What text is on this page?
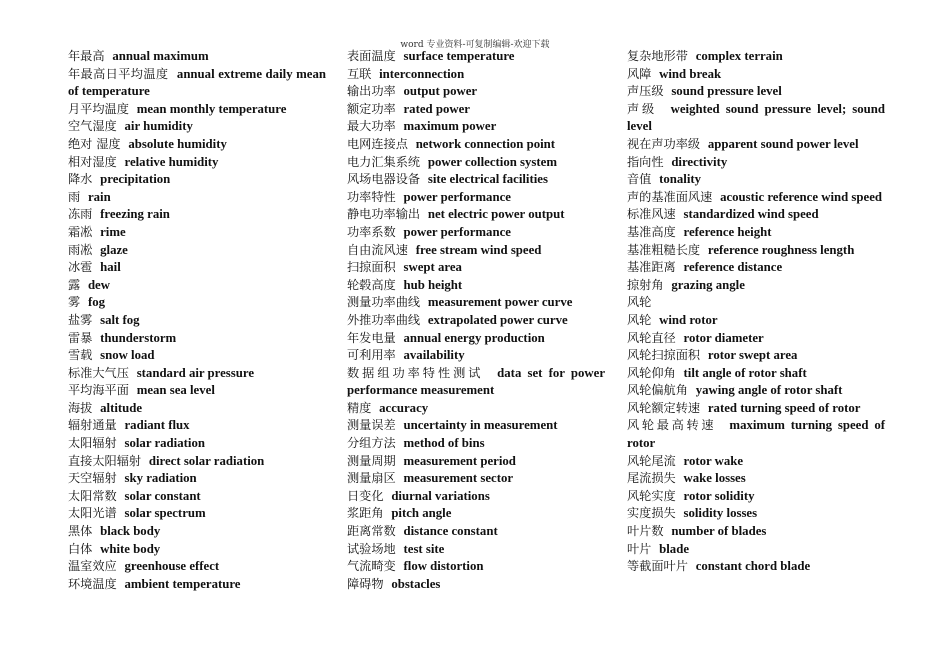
word 专业资料-可复制编辑-欢迎下载

年最高 annual maximum

年最高日平均温度 annual extreme daily mean of temperature

月平均温度 mean monthly temperature

空气湿度 air humidity

绝对 湿度 absolute humidity

相对湿度 relative humidity

降水 precipitation

雨 rain

冻雨 freezing rain

霜凇 rime

雨凇 glaze

冰雹 hail

露 dew

雾 fog

盐雾 salt fog

雷暴 thunderstorm

雪载 snow load

标准大气压 standard air pressure

平均海平面 mean sea level

海拔 altitude

辐射通量 radiant flux

太阳辐射 solar radiation

直接太阳辐射 direct solar radiation

天空辐射 sky radiation

太阳常数 solar constant

太阳光谱 solar spectrum

黑体 black body

白体 white body

温室效应 greenhouse effect

环境温度 ambient temperature

表面温度 surface temperature

互联 interconnection

输出功率 output power

额定功率 rated power

最大功率 maximum power

电网连接点 network connection point

电力汇集系统 power collection system

风场电器设备 site electrical facilities

功率特性 power performance

静电功率输出 net electric power output

功率系数 power performance

自由流风速 free stream wind speed

扫掠面积 swept area

轮毂高度 hub height

测量功率曲线 measurement power curve

外推功率曲线 extrapolated power curve

年发电量 annual energy production

可利用率 availability

数据组功率特性测试 data set for power performance measurement

精度 accuracy

测量误差 uncertainty in measurement

分组方法 method of bins

测量周期 measurement period

测量扇区 measurement sector

日变化 diurnal variations

浆距角 pitch angle

距离常数 distance constant

试验场地 test site

气流畸变 flow distortion

障碍物 obstacles

复杂地形带 complex terrain

风障 wind break

声压级 sound pressure level

声级 weighted sound pressure level; sound level

视在声功率级 apparent sound power level

指向性 directivity

音值 tonality

声的基准面风速 acoustic reference wind speed

标准风速 standardized wind speed

基准高度 reference height

基准粗糙长度 reference roughness length

基准距离 reference distance

掠射角 grazing angle

风轮

风轮 wind rotor

风轮直径 rotor diameter

风轮扫掠面积 rotor swept area

风轮仰角 tilt angle of rotor shaft

风轮偏航角 yawing angle of rotor shaft

风轮额定转速 rated turning speed of rotor

风轮最高转速 maximum turning speed of rotor

风轮尾流 rotor wake

尾流损失 wake losses

风轮实度 rotor solidity

实度损失 solidity losses

叶片数 number of blades

叶片 blade

等截面叶片 constant chord blade
